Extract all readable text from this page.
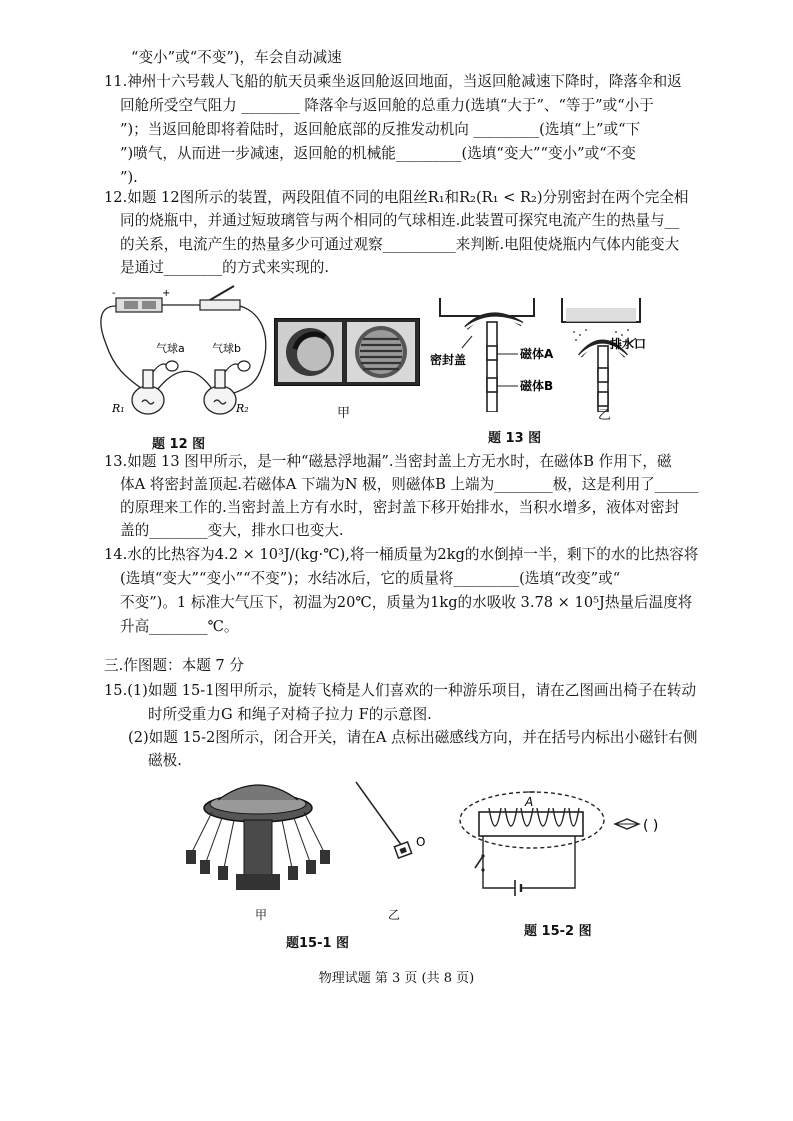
“变小”或“不变”)，车会自动减速
11.神州十六号载人飞船的航天员乘坐返回舱返回地面，当返回舱减速下降时，降落伞和返
回舱所受空气阻力 ________ 降落伞与返回舱的总重力(选填“大于”、“等于”或“小于
”)；当返回舱即将着陆时，返回舱底部的反推发动机向 _________(选填“上”或“下
”)喷气，从而进一步减速，返回舱的机械能_________(选填“变大”“变小”或“不变
”).
12.如题 12图所示的装置，两段阻值不同的电阻丝R₁和R₂(R₁ < R₂)分别密封在两个完全相
同的烧瓶中，并通过短玻璃管与两个相同的气球相连.此装置可探究电流产生的热量与__
的关系，电流产生的热量多少可通过观察__________来判断.电阻使烧瓶内气体内能变大
是通过________的方式来实现的.
13.如题 13 图甲所示，是一种“磁悬浮地漏”.当密封盖上方无水时，在磁体B 作用下，磁
体A 将密封盖顶起.若磁体A 下端为N 极，则磁体B 上端为________极，这是利用了______
的原理来工作的.当密封盖上方有水时，密封盖下移开始排水，当积水增多，液体对密封
盖的________变大，排水口也变大.
14.水的比热容为4.2 × 10³J/(kg·℃),将一桶质量为2kg的水倒掉一半，剩下的水的比热容将
(选填“变大”“变小”“不变”)；水结冰后，它的质量将_________(选填“改变”或“
不变”)。1 标准大气压下，初温为20℃，质量为1kg的水吸收 3.78 × 10⁵J热量后温度将
升高________℃。
三.作图题：本题 7 分
15.(1)如题 15-1图甲所示，旋转飞椅是人们喜欢的一种游乐项目，请在乙图画出椅子在转动
时所受重力G 和绳子对椅子拉力 F的示意图.
(2)如题 15-2图所示，闭合开关，请在A 点标出磁感线方向，并在括号内标出小磁针右侧
磁极.
-	+
气球a 气球b
R₁	R₂
题 12 图
甲
密封盖	磁体A
磁体B
排水口
乙
题 13 图
甲
O
乙
题15-1 图
A
( )
题 15-2 图
物理试题 第 3 页 (共 8 页)
